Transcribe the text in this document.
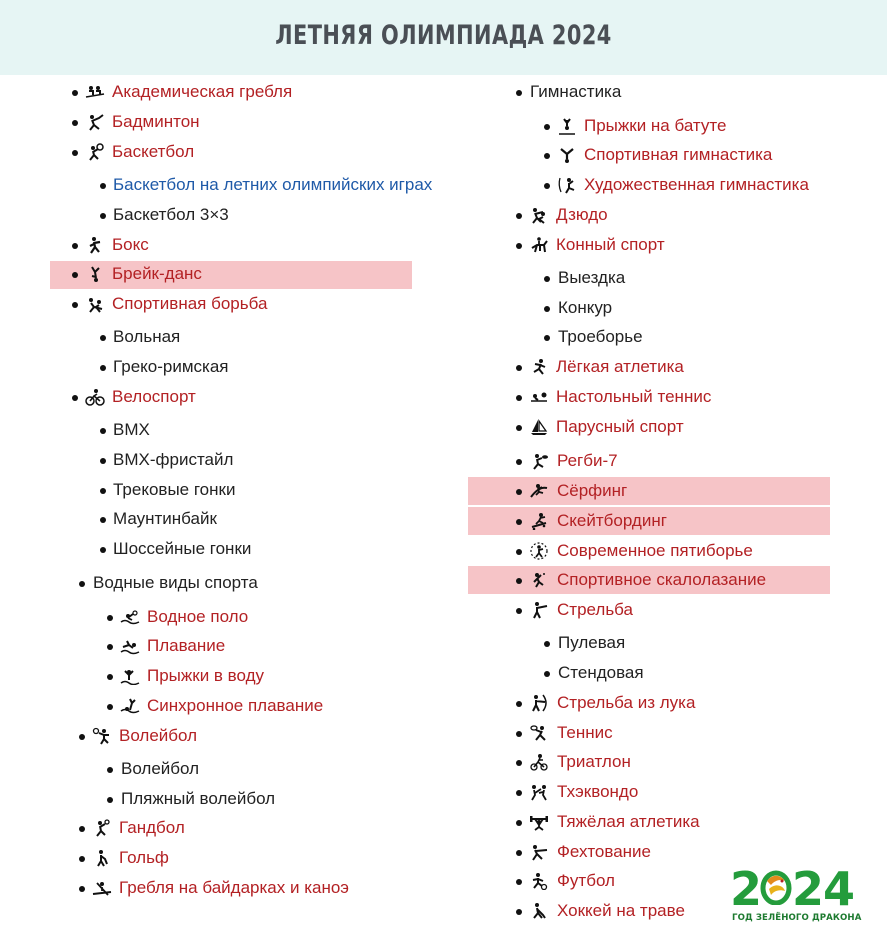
ЛЕТНЯЯ ОЛИМПИАДА 2024
Академическая гребля
Бадминтон
Баскетбол
Баскетбол на летних олимпийских играх
Баскетбол 3×3
Бокс
Брейк-данс
Спортивная борьба
Вольная
Греко-римская
Велоспорт
BMX
BMX-фристайл
Трековые гонки
Маунтинбайк
Шоссейные гонки
Водные виды спорта
Водное поло
Плавание
Прыжки в воду
Синхронное плавание
Волейбол
Волейбол
Пляжный волейбол
Гандбол
Гольф
Гребля на байдарках и каноэ
Гимнастика
Прыжки на батуте
Спортивная гимнастика
Художественная гимнастика
Дзюдо
Конный спорт
Выездка
Конкур
Троеборье
Лёгкая атлетика
Настольный теннис
Парусный спорт
Регби-7
Сёрфинг
Скейтбординг
Современное пятиборье
Спортивное скалолазание
Стрельба
Пулевая
Стендовая
Стрельба из лука
Теннис
Триатлон
Тхэквондо
Тяжёлая атлетика
Фехтование
Футбол
Хоккей на траве 2 24
ГОД ЗЕЛЁНОГО ДРАКОНА
